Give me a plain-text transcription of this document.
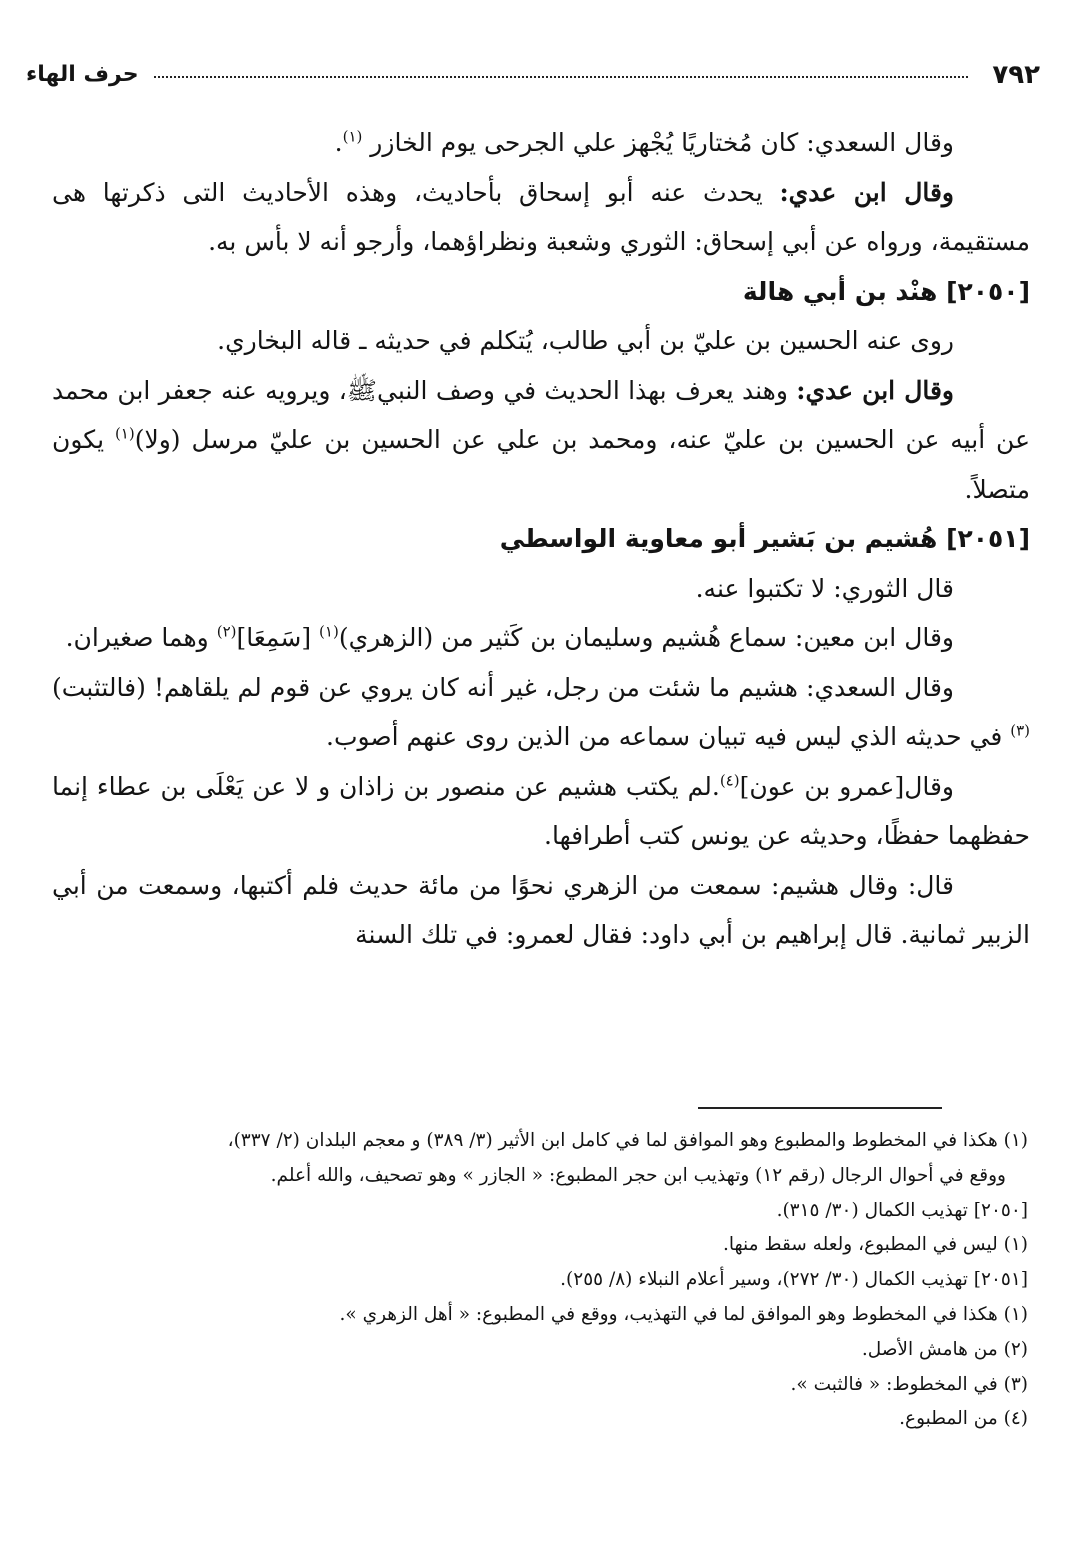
حرف الهاء	٧٩٢

وقال السعدي: كان مُختاريًا يُجْهز علي الجرحى يوم الخازر $^{(١)}$.

وقال ابن عدي: يحدث عنه أبو إسحاق بأحاديث، وهذه الأحاديث التى ذكرتها هى مستقيمة، ورواه عن أبي إسحاق: الثوري وشعبة ونظراؤهما، وأرجو أنه لا بأس به.

[٢٠٥٠] هنْد بن أبي هالة

روى عنه الحسين بن عليّ بن أبي طالب، يُتكلم في حديثه ـ قاله البخاري.

وقال ابن عدي: وهند يعرف بهذا الحديث في وصف النبيﷺ، ويرويه عنه جعفر ابن محمد عن أبيه عن الحسين بن عليّ عنه، ومحمد بن علي عن الحسين بن عليّ مرسل (ولا)$^{(١)}$ يكون متصلاً.

[٢٠٥١] هُشيم بن بَشير أبو معاوية الواسطي

قال الثوري: لا تكتبوا عنه.

وقال ابن معين: سماع هُشيم وسليمان بن كَثير من (الزهري)$^{(١)}$ [سَمِعَا]$^{(٢)}$ وهما صغيران.

وقال السعدي: هشيم ما شئت من رجل، غير أنه كان يروي عن قوم لم يلقاهم! (فالتثبت)$^{(٣)}$ في حديثه الذي ليس فيه تبيان سماعه من الذين روى عنهم أصوب.

وقال[عمرو بن عون]$^{(٤)}$.لم يكتب هشيم عن منصور بن زاذان و لا عن يَعْلَى بن عطاء إنما حفظهما حفظًا، وحديثه عن يونس كتب أطرافها.

قال: وقال هشيم: سمعت من الزهري نحوًا من مائة حديث فلم أكتبها، وسمعت من أبي الزبير ثمانية. قال إبراهيم بن أبي داود: فقال لعمرو: في تلك السنة

(١) هكذا في المخطوط والمطبوع وهو الموافق لما في كامل ابن الأثير (٣/ ٣٨٩) و معجم البلدان (٢/ ٣٣٧)،

ووقع في أحوال الرجال (رقم ١٢) وتهذيب ابن حجر المطبوع: « الجازر » وهو تصحيف، والله أعلم.

[٢٠٥٠] تهذيب الكمال (٣٠/ ٣١٥).

(١) ليس في المطبوع، ولعله سقط منها.

[٢٠٥١] تهذيب الكمال (٣٠/ ٢٧٢)، وسير أعلام النبلاء (٨/ ٢٥٥).

(١) هكذا في المخطوط وهو الموافق لما في التهذيب، ووقع في المطبوع: « أهل الزهري ».

(٢) من هامش الأصل.

(٣) في المخطوط: « فالثبت ».

(٤) من المطبوع.
